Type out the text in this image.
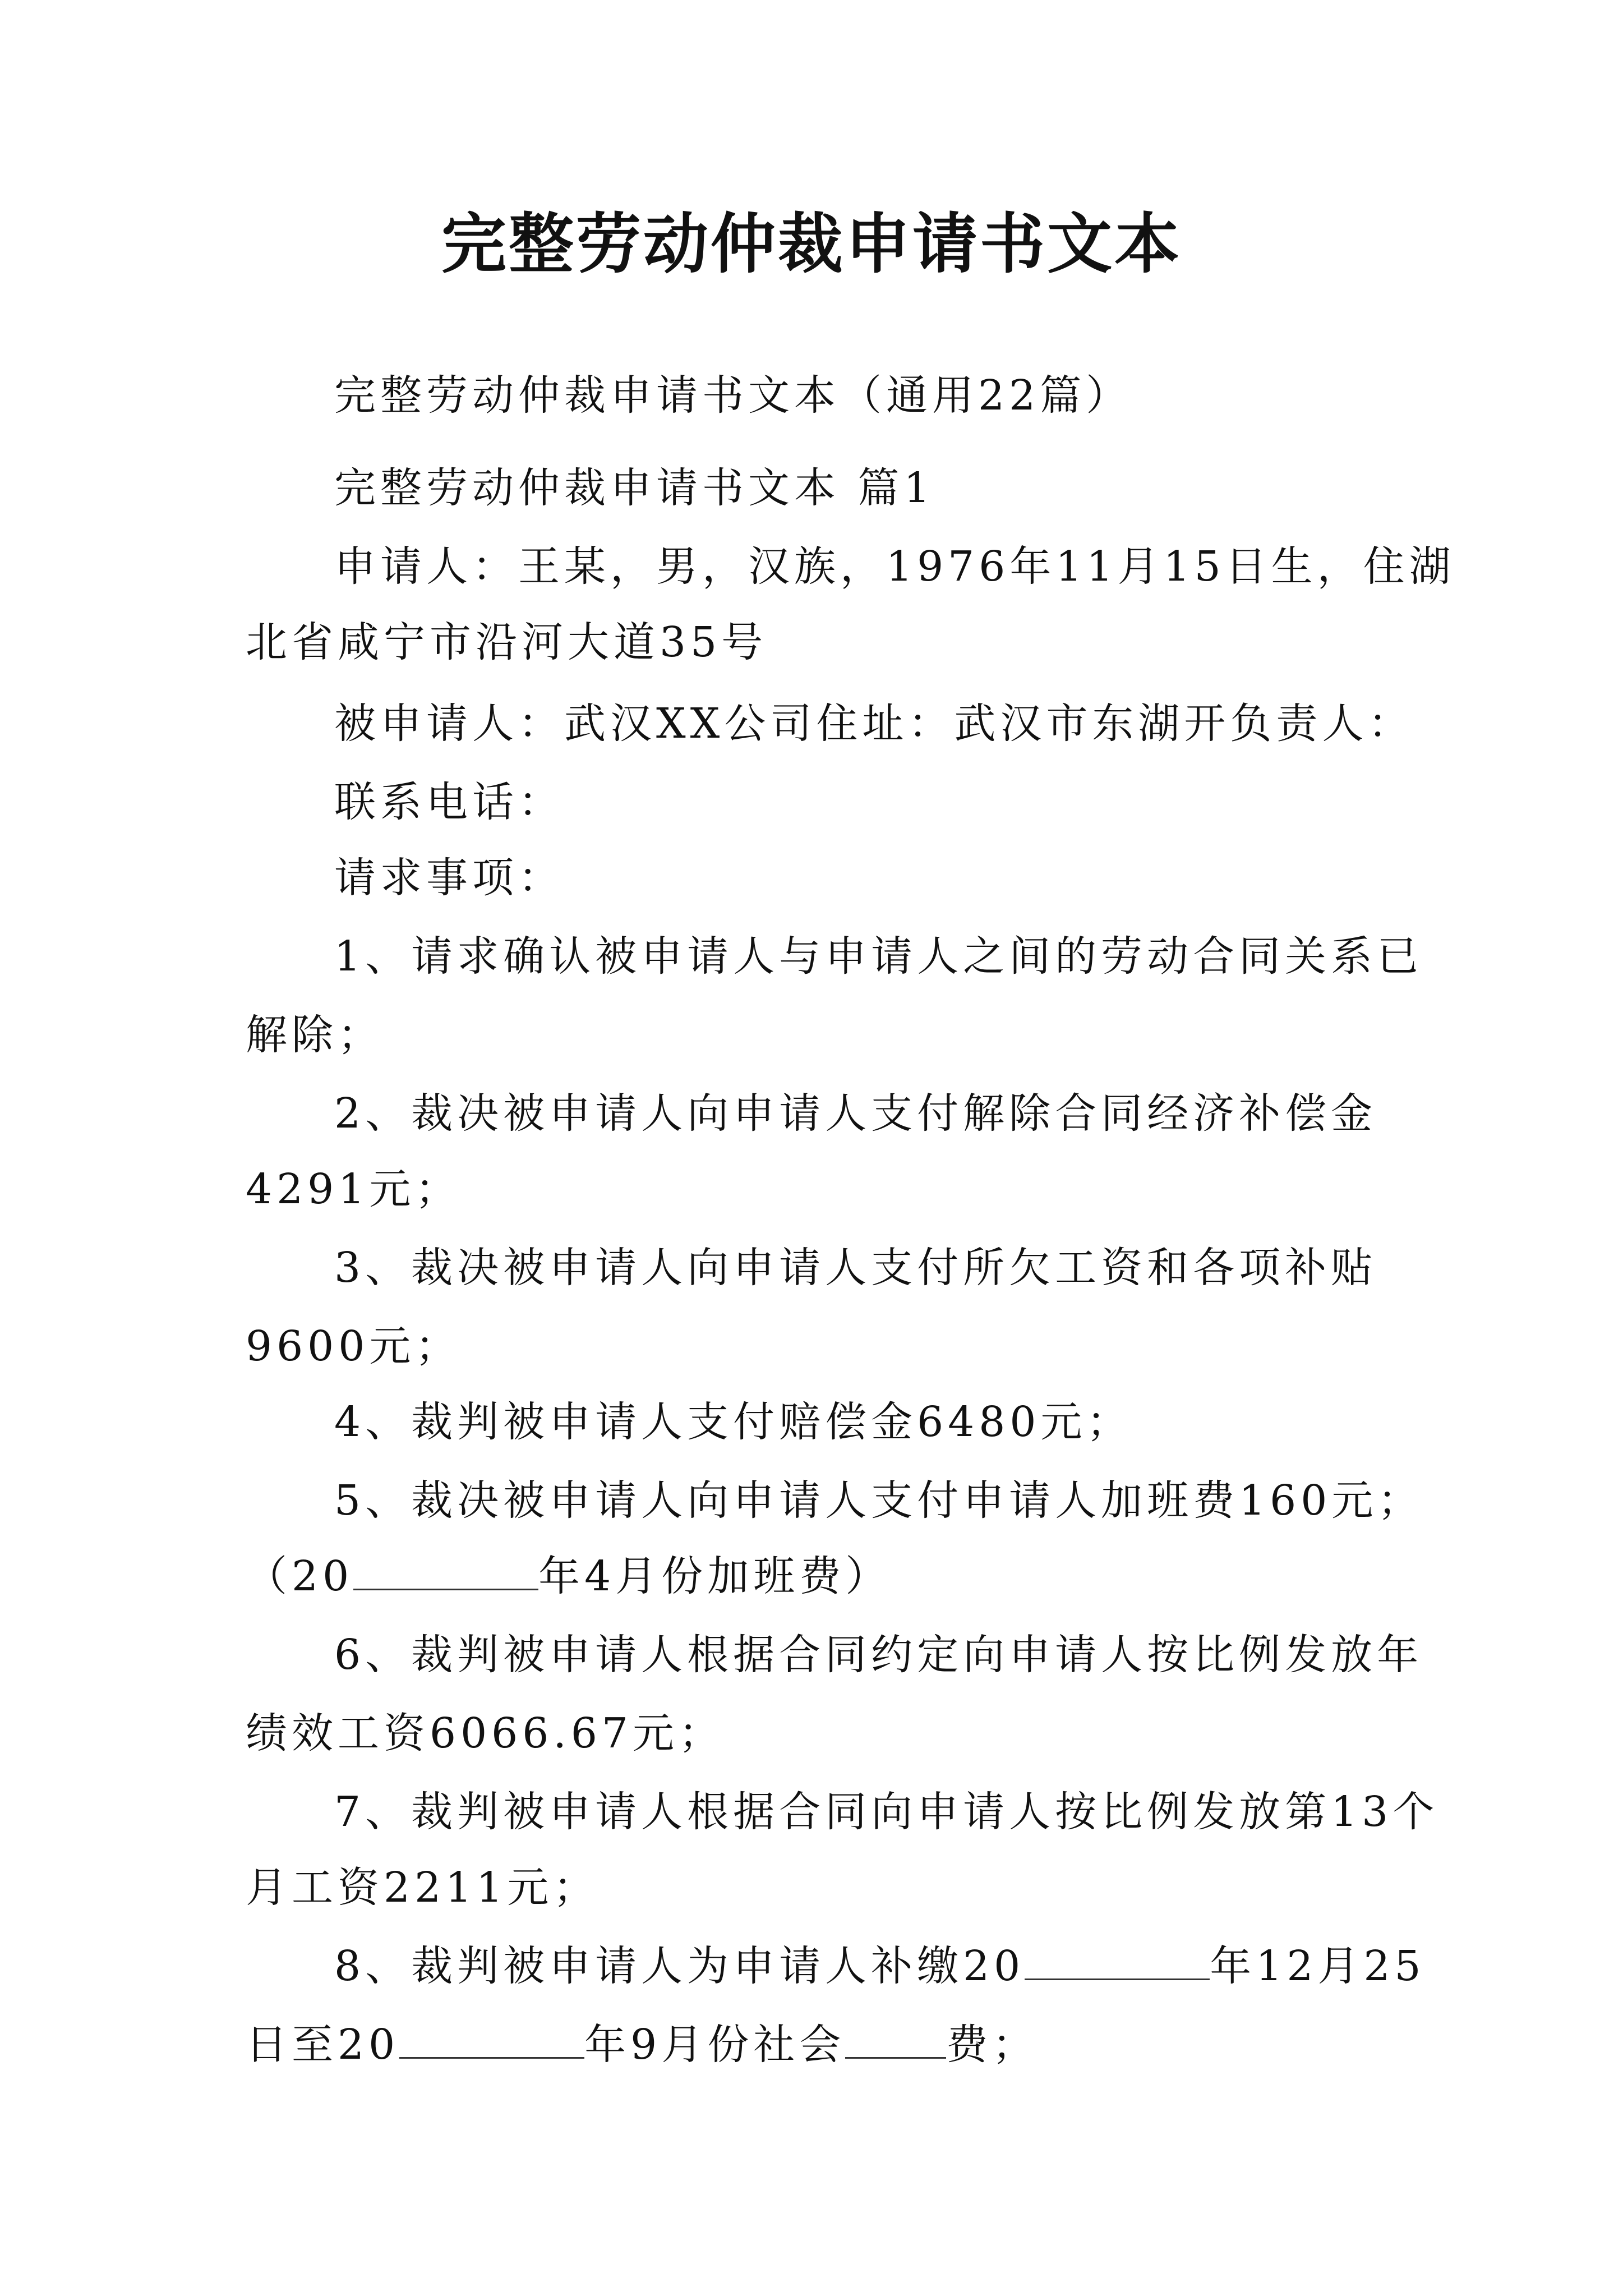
完整劳动仲裁申请书文本
完整劳动仲裁申请书文本（通用22篇）
完整劳动仲裁申请书文本 篇1
申请人：王某，男，汉族，1976年11月15日生，住湖
北省咸宁市沿河大道35号
被申请人：武汉XX公司住址：武汉市东湖开负责人：
联系电话：
请求事项：
1、请求确认被申请人与申请人之间的劳动合同关系已
解除；
2、裁决被申请人向申请人支付解除合同经济补偿金
4291元；
3、裁决被申请人向申请人支付所欠工资和各项补贴
9600元；
4、裁判被申请人支付赔偿金6480元；
5、裁决被申请人向申请人支付申请人加班费160元；
（20	年4月份加班费）
6、裁判被申请人根据合同约定向申请人按比例发放年
绩效工资6066.67元；
7、裁判被申请人根据合同向申请人按比例发放第13个
月工资2211元；
8、裁判被申请人为申请人补缴20	年12月25
日至20	年9月份社会 费；
